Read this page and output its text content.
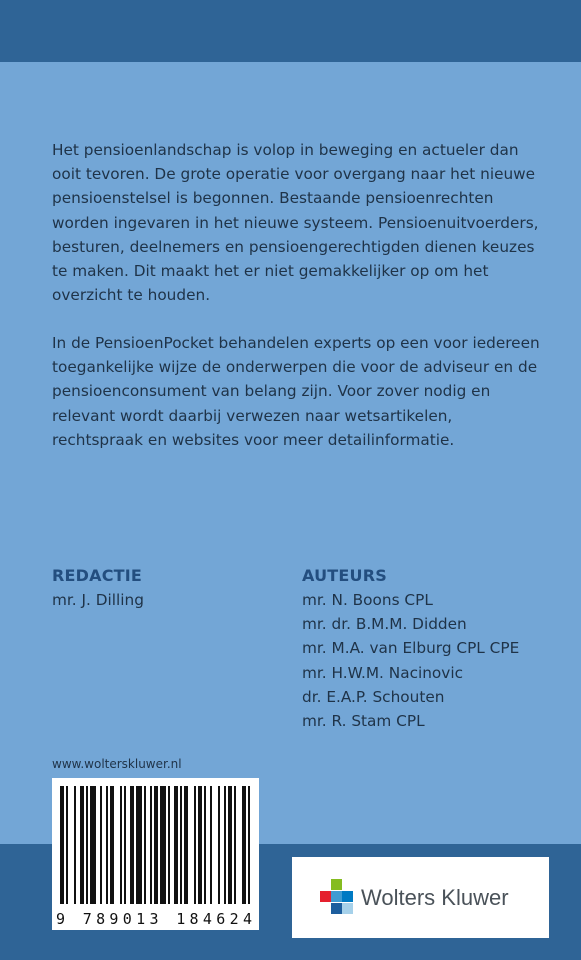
Het pensioenlandschap is volop in beweging en actueler dan ooit tevoren. De grote operatie voor overgang naar het nieuwe pensioenstelsel is begonnen. Bestaande pensioenrechten worden ingevaren in het nieuwe systeem. Pensioenuitvoerders, besturen, deelnemers en pensioengerechtigden dienen keuzes te maken. Dit maakt het er niet gemakkelijker op om het overzicht te houden.

In de PensioenPocket behandelen experts op een voor iedereen toegankelijke wijze de onderwerpen die voor de adviseur en de pensioenconsument van belang zijn. Voor zover nodig en relevant wordt daarbij verwezen naar wetsartikelen, rechtspraak en websites voor meer detailinformatie.

REDACTIE
mr. J. Dilling
AUTEURS
mr. N. Boons CPL
mr. dr. B.M.M. Didden
mr. M.A. van Elburg CPL CPE
mr. H.W.M. Nacinovic
dr. E.A.P. Schouten
mr. R. Stam CPL
www.wolterskluwer.nl
9 789013 184624
Wolters Kluwer
